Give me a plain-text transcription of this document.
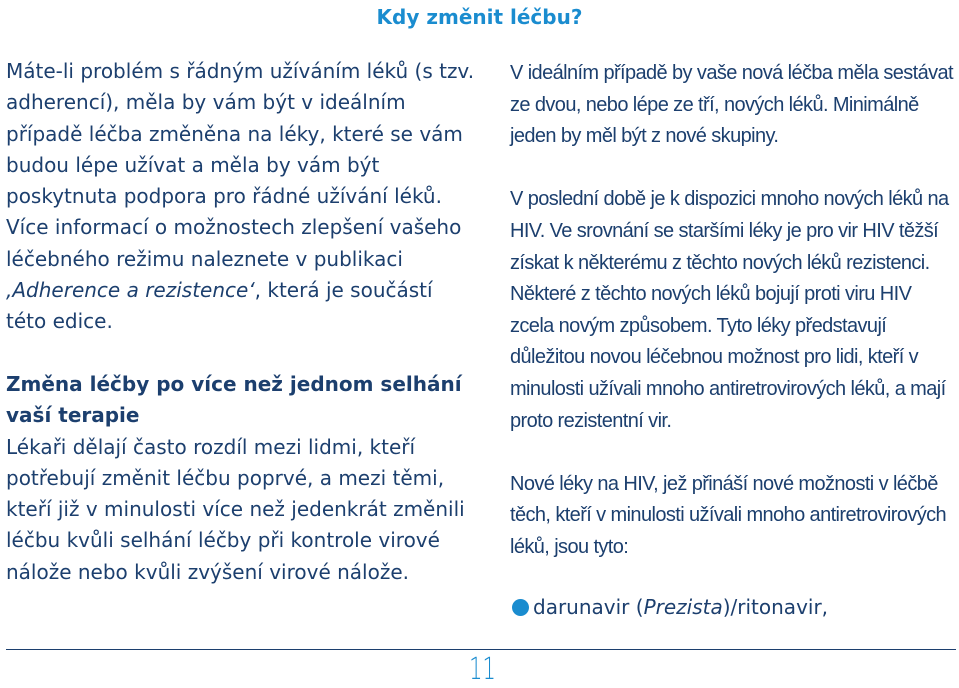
Kdy změnit léčbu?

Máte-li problém s řádným užíváním léků (s tzv. adherencí), měla by vám být v ideálním případě léčba změněna na léky, které se vám budou lépe užívat a měla by vám být poskytnuta podpora pro řádné užívání léků. Více informací o možnostech zlepšení vašeho léčebného režimu naleznete v publikaci ‚Adherence a rezistence‘, která je součástí této edice.

Změna léčby po více než jednom selhání vaší terapie

Lékaři dělají často rozdíl mezi lidmi, kteří potřebují změnit léčbu poprvé, a mezi těmi, kteří již v minulosti více než jedenkrát změnili léčbu kvůli selhání léčby při kontrole virové nálože nebo kvůli zvýšení virové nálože.

V ideálním případě by vaše nová léčba měla sestávat ze dvou, nebo lépe ze tří, nových léků. Minimálně jeden by měl být z nové skupiny.

V poslední době je k dispozici mnoho nových léků na HIV. Ve srovnání se staršími léky je pro vir HIV těžší získat k některému z těchto nových léků rezistenci. Některé z těchto nových léků bojují proti viru HIV zcela novým způsobem. Tyto léky představují důležitou novou léčebnou možnost pro lidi, kteří v minulosti užívali mnoho antiretrovirových léků, a mají proto rezistentní vir.

Nové léky na HIV, jež přináší nové možnosti v léčbě těch, kteří v minulosti užívali mnoho antiretrovirových léků, jsou tyto:

darunavir (Prezista)/ritonavir,
11
